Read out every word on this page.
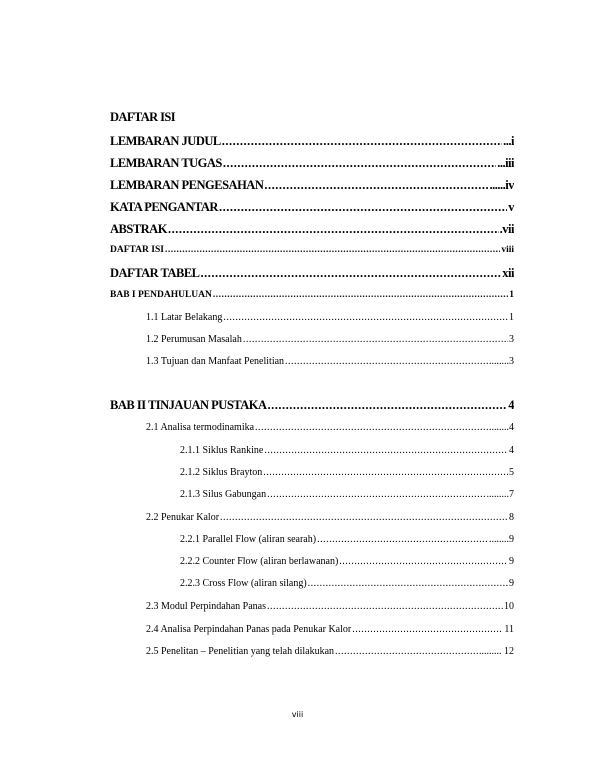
DAFTAR ISI
LEMBARAN JUDUL .....	...i
LEMBARAN TUGAS .....	...iii
LEMBARAN PENGESAHAN .....	......iv
KATA PENGANTAR .....	v
ABSTRAK .....	.vii
DAFTAR ISI .....	viii
DAFTAR TABEL .....	xii
BAB I PENDAHULUAN .....	1
1.1 Latar Belakang .....	1
1.2 Perumusan Masalah .....	3
1.3 Tujuan dan Manfaat Penelitian .....	........3
BAB II TINJAUAN PUSTAKA .....	4
2.1 Analisa termodinamika .....	........4
2.1.1 Siklus Rankine .....	4
2.1.2 Siklus Brayton .....	5
2.1.3 Silus Gabungan .....	.........7
2.2 Penukar Kalor .....	8
2.2.1 Parallel Flow (aliran searah) .....	........9
2.2.2 Counter Flow (aliran berlawanan) .....	9
2.2.3 Cross Flow (aliran silang) .....	9
2.3 Modul Perpindahan Panas .....	10
2.4 Analisa Perpindahan Panas pada Penukar Kalor .....	11
2.5 Penelitan – Penelitian yang telah dilakukan .....	......... 12
viii
